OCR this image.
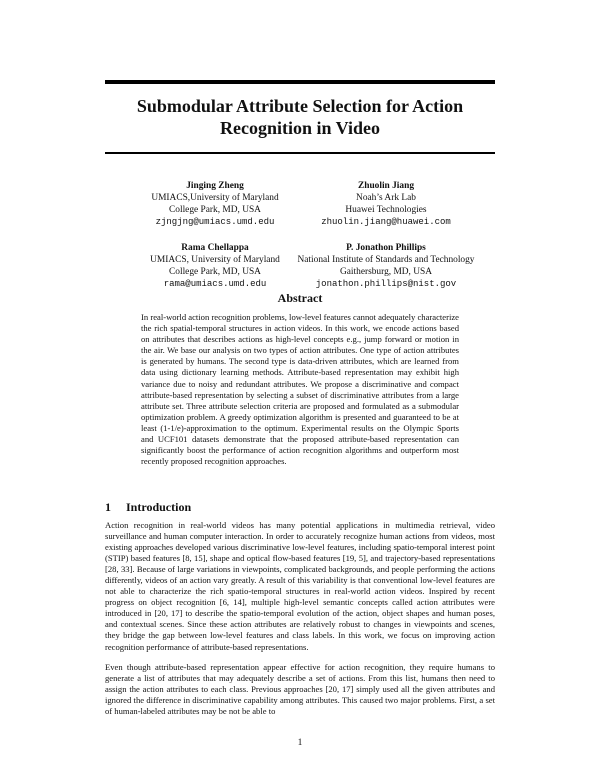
Submodular Attribute Selection for Action Recognition in Video
Jinging Zheng
UMIACS,University of Maryland
College Park, MD, USA
zjngjng@umiacs.umd.edu
Zhuolin Jiang
Noah’s Ark Lab
Huawei Technologies
zhuolin.jiang@huawei.com
Rama Chellappa
UMIACS, University of Maryland
College Park, MD, USA
rama@umiacs.umd.edu
P. Jonathon Phillips
National Institute of Standards and Technology
Gaithersburg, MD, USA
jonathon.phillips@nist.gov
Abstract
In real-world action recognition problems, low-level features cannot adequately characterize the rich spatial-temporal structures in action videos. In this work, we encode actions based on attributes that describes actions as high-level concepts e.g., jump forward or motion in the air. We base our analysis on two types of action attributes. One type of action attributes is generated by humans. The second type is data-driven attributes, which are learned from data using dictionary learning methods. Attribute-based representation may exhibit high variance due to noisy and redundant attributes. We propose a discriminative and compact attribute-based representation by selecting a subset of discriminative attributes from a large attribute set. Three attribute selection criteria are proposed and formulated as a submodular optimization problem. A greedy optimization algorithm is presented and guaranteed to be at least (1-1/e)-approximation to the optimum. Experimental results on the Olympic Sports and UCF101 datasets demonstrate that the proposed attribute-based representation can significantly boost the performance of action recognition algorithms and outperform most recently proposed recognition approaches.
1 Introduction
Action recognition in real-world videos has many potential applications in multimedia retrieval, video surveillance and human computer interaction. In order to accurately recognize human actions from videos, most existing approaches developed various discriminative low-level features, including spatio-temporal interest point (STIP) based features [8, 15], shape and optical flow-based features [19, 5], and trajectory-based representations [28, 33]. Because of large variations in viewpoints, complicated backgrounds, and people performing the actions differently, videos of an action vary greatly. A result of this variability is that conventional low-level features are not able to characterize the rich spatio-temporal structures in real-world action videos. Inspired by recent progress on object recognition [6, 14], multiple high-level semantic concepts called action attributes were introduced in [20, 17] to describe the spatio-temporal evolution of the action, object shapes and human poses, and contextual scenes. Since these action attributes are relatively robust to changes in viewpoints and scenes, they bridge the gap between low-level features and class labels. In this work, we focus on improving action recognition performance of attribute-based representations.
Even though attribute-based representation appear effective for action recognition, they require humans to generate a list of attributes that may adequately describe a set of actions. From this list, humans then need to assign the action attributes to each class. Previous approaches [20, 17] simply used all the given attributes and ignored the difference in discriminative capability among attributes. This caused two major problems. First, a set of human-labeled attributes may be not be able to
1
